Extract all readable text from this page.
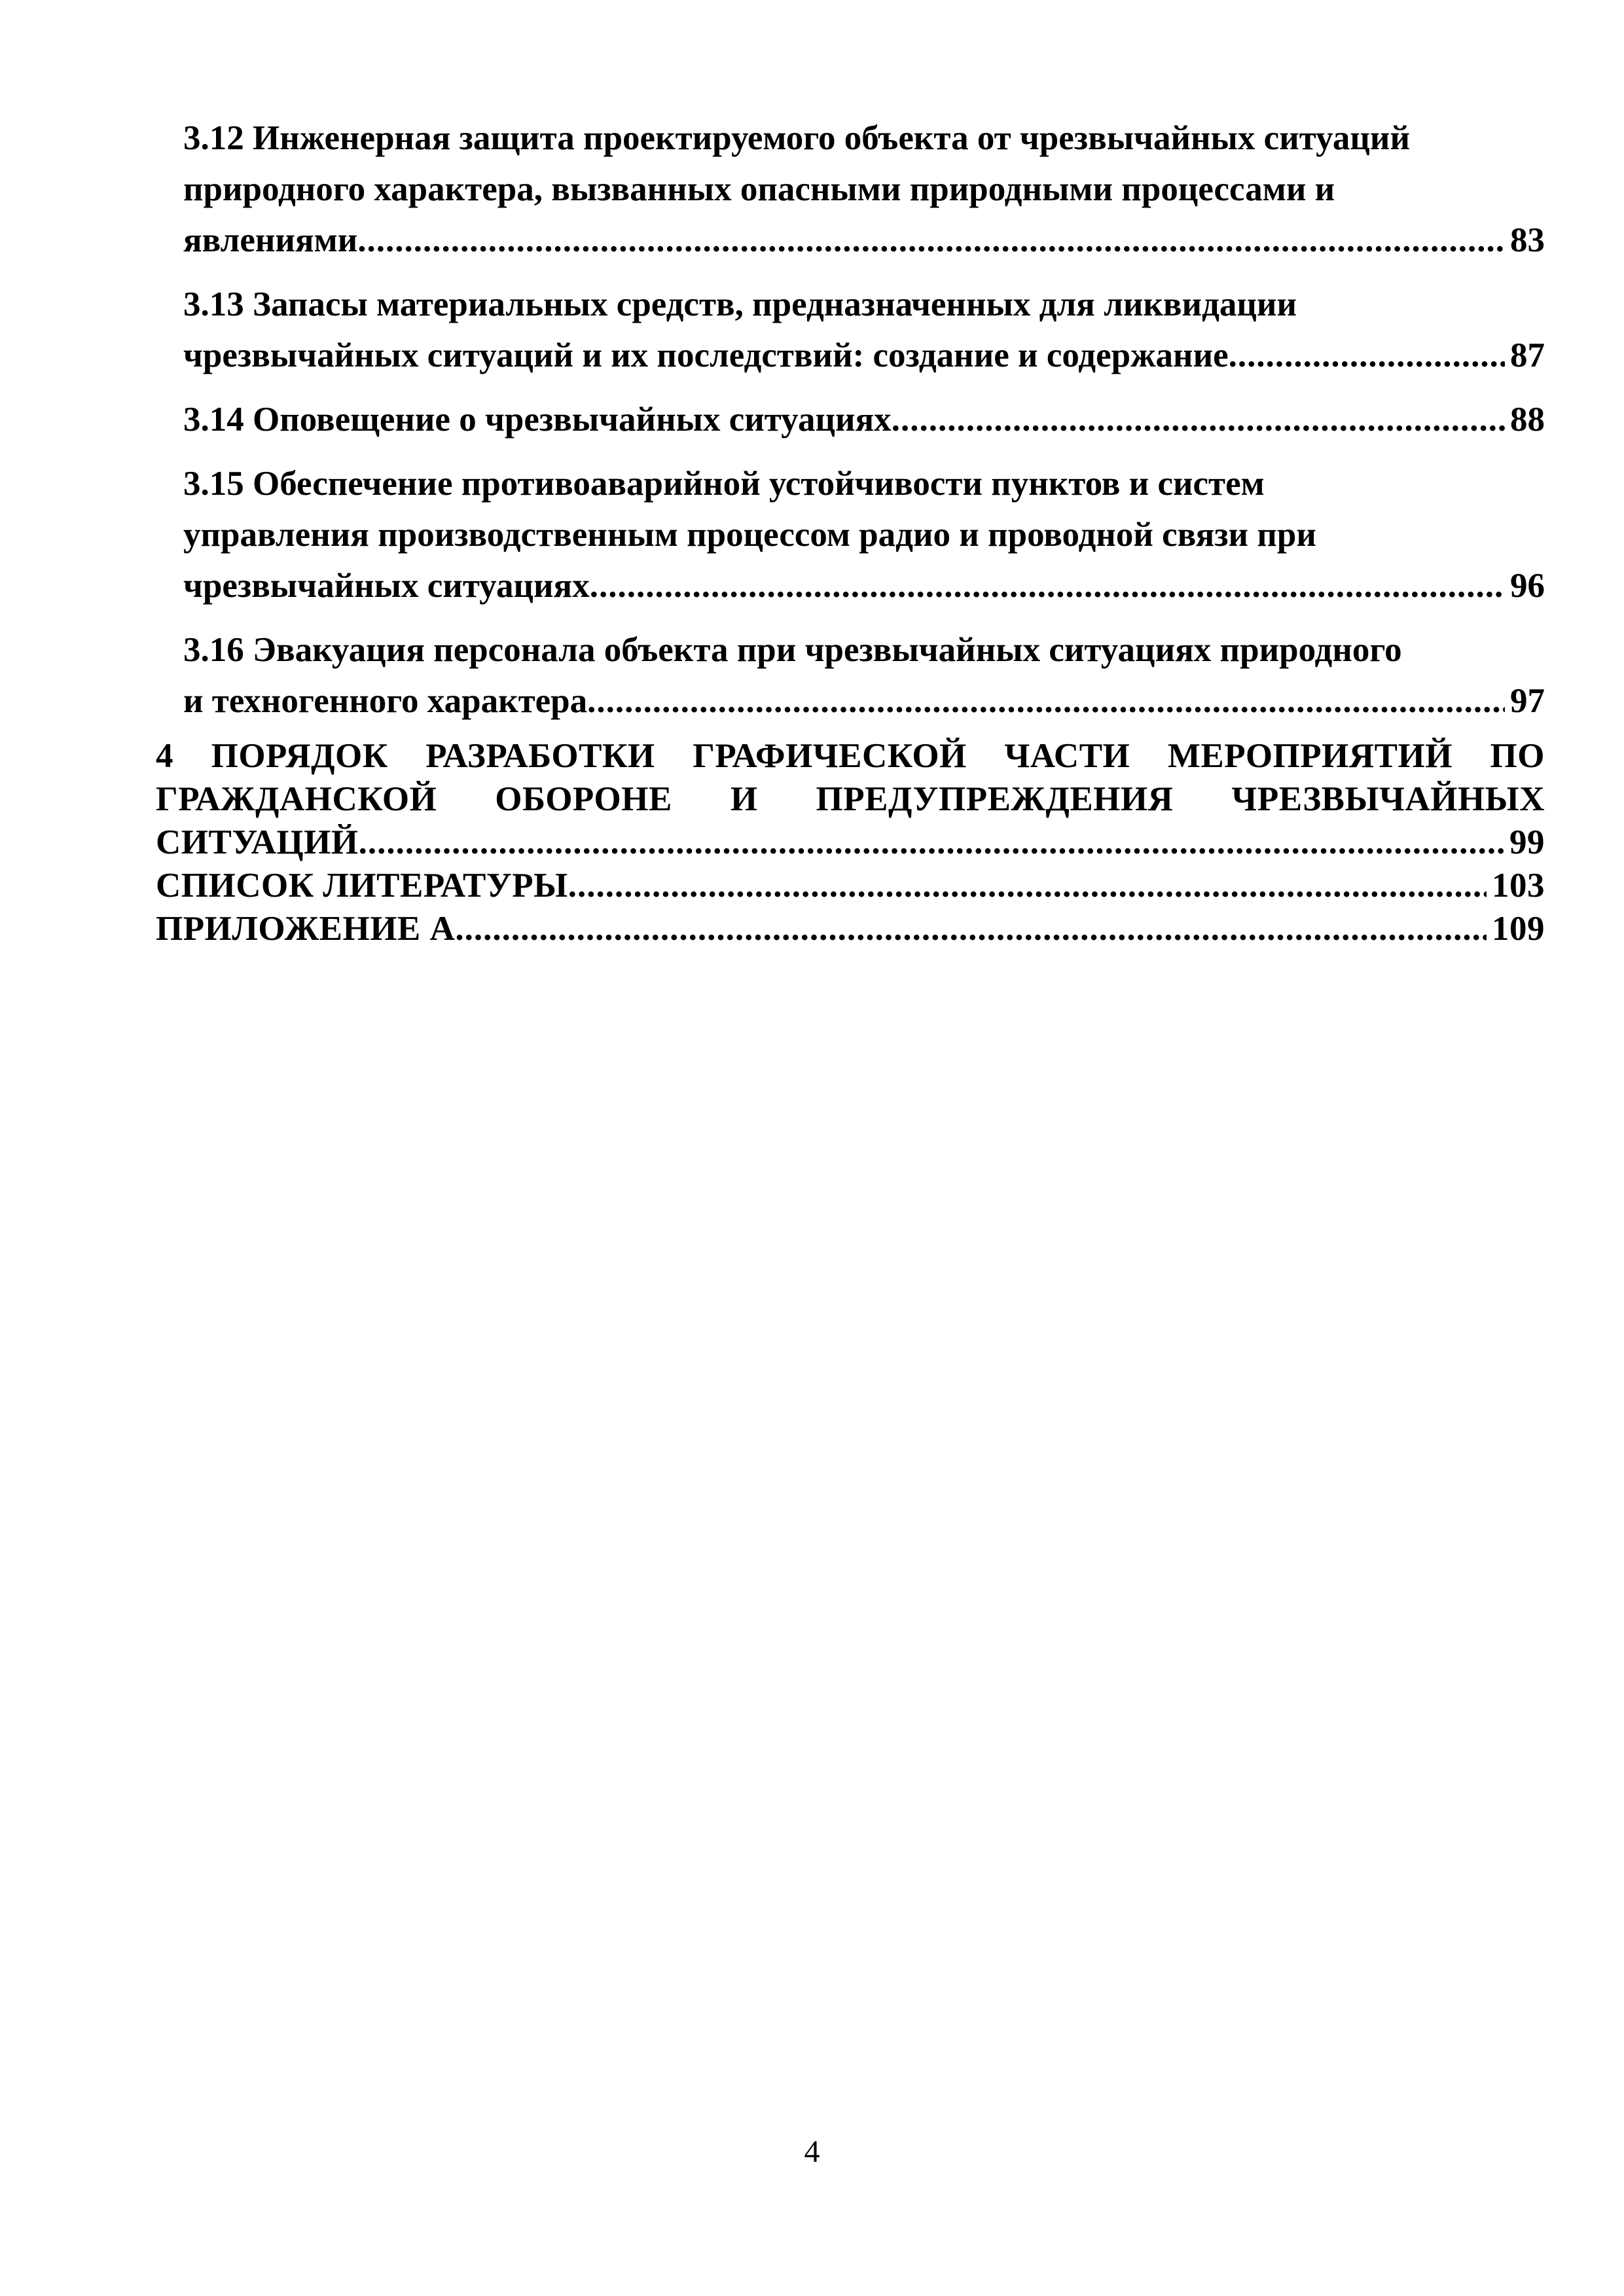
3.12 Инженерная защита проектируемого объекта от чрезвычайных ситуаций
природного характера, вызванных опасными природными процессами и
явлениями .....	83
3.13 Запасы материальных средств, предназначенных для ликвидации
чрезвычайных ситуаций и их последствий: создание и содержание .....	87
3.14 Оповещение о чрезвычайных ситуациях .....	88
3.15 Обеспечение противоаварийной устойчивости пунктов и систем
управления производственным процессом радио и проводной связи при
чрезвычайных ситуациях .....	96
3.16 Эвакуация персонала объекта при чрезвычайных ситуациях природного
и техногенного характера .....	97
4 ПОРЯДОК РАЗРАБОТКИ ГРАФИЧЕСКОЙ ЧАСТИ МЕРОПРИЯТИЙ ПО
ГРАЖДАНСКОЙ ОБОРОНЕ И ПРЕДУПРЕЖДЕНИЯ ЧРЕЗВЫЧАЙНЫХ
СИТУАЦИЙ .....	99
СПИСОК ЛИТЕРАТУРЫ .....	103
ПРИЛОЖЕНИЕ А .....	109
4
